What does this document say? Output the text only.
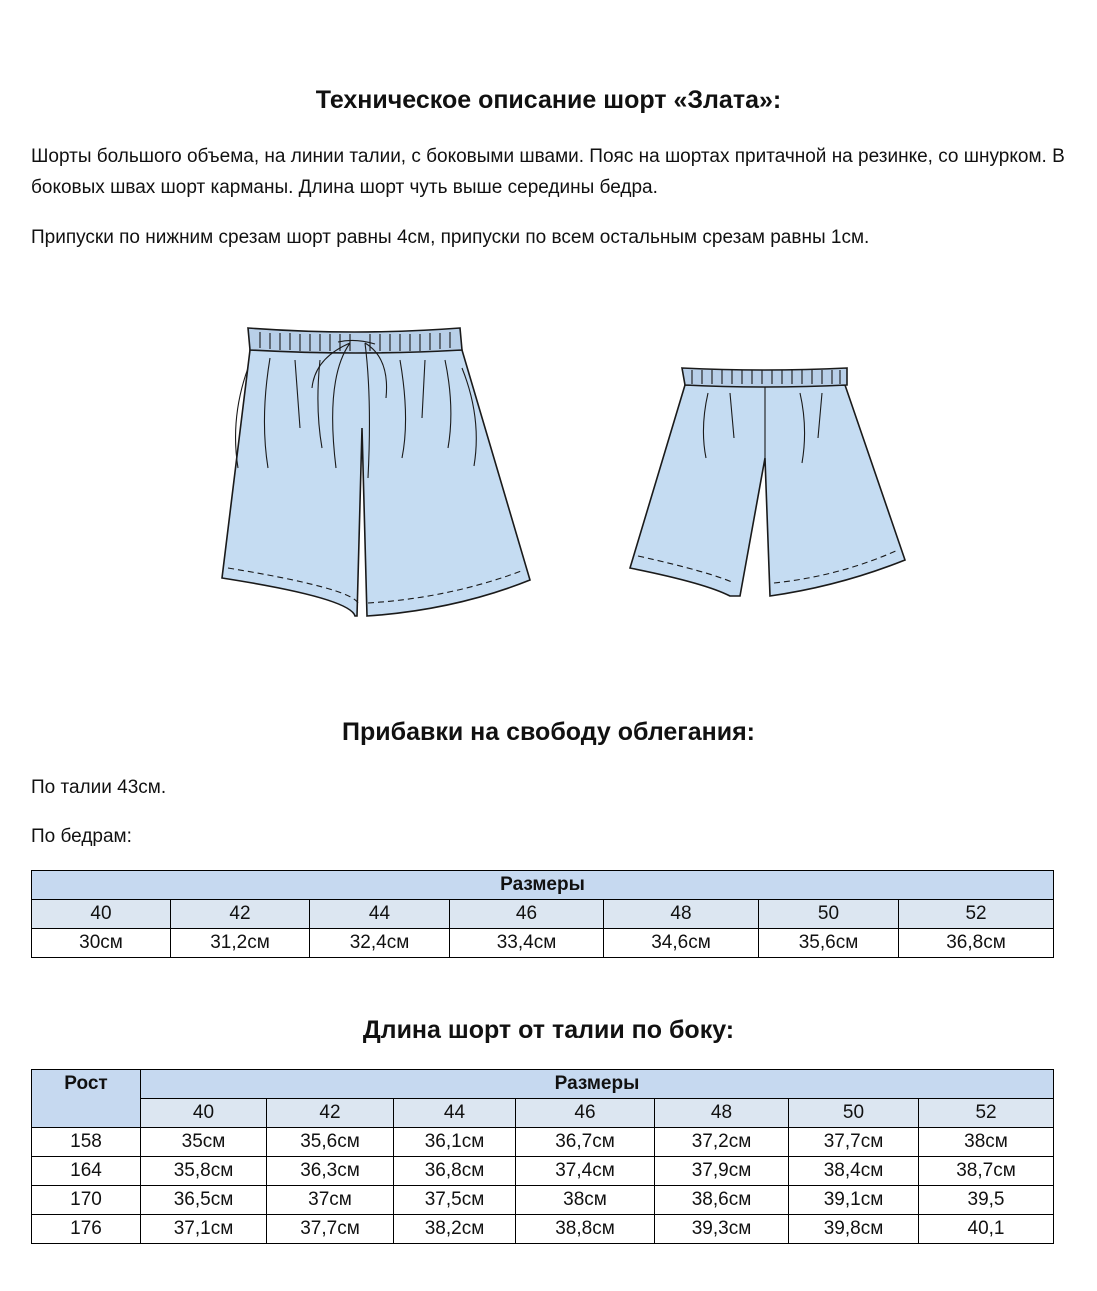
Техническое описание шорт «Злата»:

Шорты большого объема, на линии талии, с боковыми швами. Пояс на шортах притачной на резинке, со шнурком. В боковых швах шорт карманы. Длина шорт чуть выше середины бедра.

Припуски по нижним срезам шорт равны 4см, припуски по всем остальным срезам равны 1см.

Прибавки на свободу облегания:

По талии 43см.

По бедрам:

Размеры						
40	42	44	46	48	50	52
30см	31,2см	32,4см	33,4см	34,6см	35,6см	36,8см
Длина шорт от талии по боку:
Рост	Размеры						
	40	42	44	46	48	50	52
158	35см	35,6см	36,1см	36,7см	37,2см	37,7см	38см
164	35,8см	36,3см	36,8см	37,4см	37,9см	38,4см	38,7см
170	36,5см	37см	37,5см	38см	38,6см	39,1см	39,5
176	37,1см	37,7см	38,2см	38,8см	39,3см	39,8см	40,1
